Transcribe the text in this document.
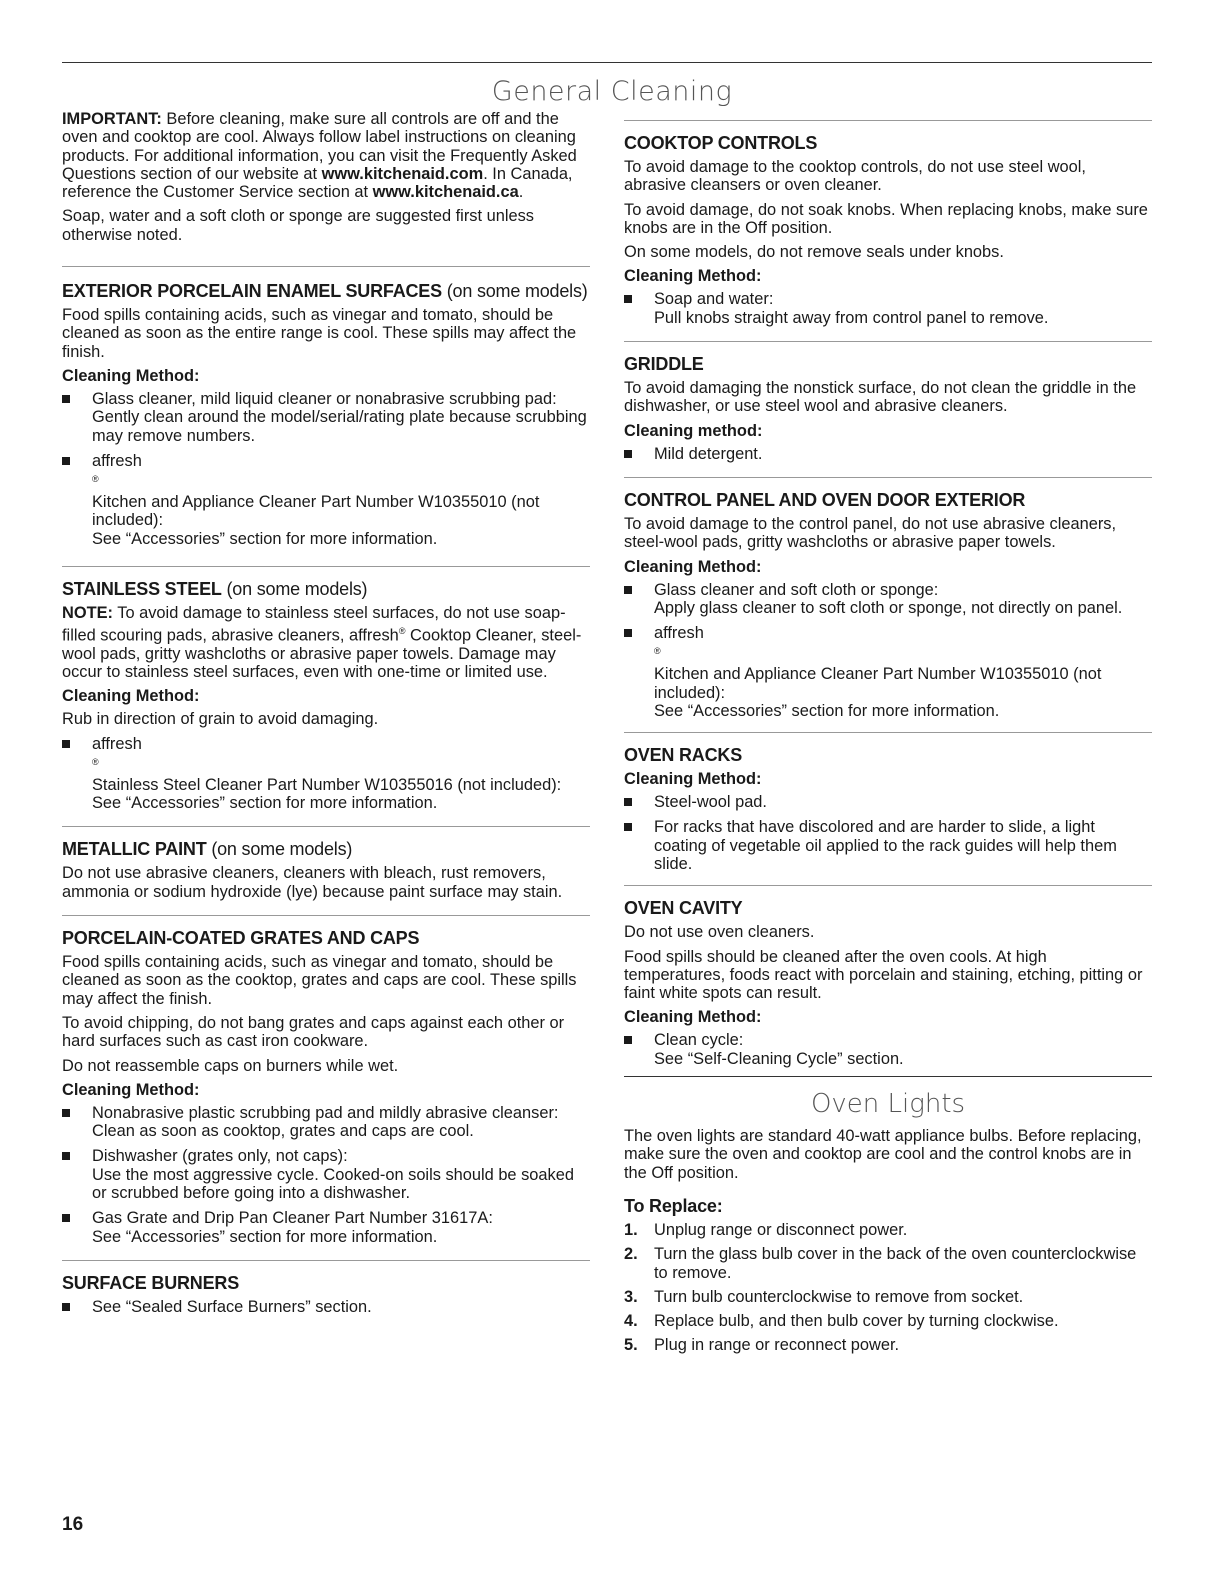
General Cleaning

IMPORTANT: Before cleaning, make sure all controls are off and the oven and cooktop are cool. Always follow label instructions on cleaning products. For additional information, you can visit the Frequently Asked Questions section of our website at www.kitchenaid.com. In Canada, reference the Customer Service section at www.kitchenaid.ca.

Soap, water and a soft cloth or sponge are suggested first unless otherwise noted.

EXTERIOR PORCELAIN ENAMEL SURFACES (on some models)

Food spills containing acids, such as vinegar and tomato, should be cleaned as soon as the entire range is cool. These spills may affect the finish.

Cleaning Method:
Glass cleaner, mild liquid cleaner or nonabrasive scrubbing pad:
Gently clean around the model/serial/rating plate because scrubbing may remove numbers.
affresh
®
Kitchen and Appliance Cleaner Part Number W10355010 (not included):
See “Accessories” section for more information.
STAINLESS STEEL (on some models)

NOTE: To avoid damage to stainless steel surfaces, do not use soap-filled scouring pads, abrasive cleaners, affresh® Cooktop Cleaner, steel-wool pads, gritty washcloths or abrasive paper towels. Damage may occur to stainless steel surfaces, even with one-time or limited use.

Cleaning Method:

Rub in direction of grain to avoid damaging.

affresh
®
Stainless Steel Cleaner Part Number W10355016 (not included):
See “Accessories” section for more information.
METALLIC PAINT (on some models)

Do not use abrasive cleaners, cleaners with bleach, rust removers, ammonia or sodium hydroxide (lye) because paint surface may stain.

PORCELAIN-COATED GRATES AND CAPS

Food spills containing acids, such as vinegar and tomato, should be cleaned as soon as the cooktop, grates and caps are cool. These spills may affect the finish.

To avoid chipping, do not bang grates and caps against each other or hard surfaces such as cast iron cookware.

Do not reassemble caps on burners while wet.

Cleaning Method:
Nonabrasive plastic scrubbing pad and mildly abrasive cleanser:
Clean as soon as cooktop, grates and caps are cool.
Dishwasher (grates only, not caps):
Use the most aggressive cycle. Cooked-on soils should be soaked or scrubbed before going into a dishwasher.
Gas Grate and Drip Pan Cleaner Part Number 31617A:
See “Accessories” section for more information.
SURFACE BURNERS
See “Sealed Surface Burners” section.
COOKTOP CONTROLS

To avoid damage to the cooktop controls, do not use steel wool, abrasive cleansers or oven cleaner.

To avoid damage, do not soak knobs. When replacing knobs, make sure knobs are in the Off position.

On some models, do not remove seals under knobs.

Cleaning Method:
Soap and water:
Pull knobs straight away from control panel to remove.
GRIDDLE

To avoid damaging the nonstick surface, do not clean the griddle in the dishwasher, or use steel wool and abrasive cleaners.

Cleaning method:
Mild detergent.
CONTROL PANEL AND OVEN DOOR EXTERIOR

To avoid damage to the control panel, do not use abrasive cleaners, steel-wool pads, gritty washcloths or abrasive paper towels.

Cleaning Method:
Glass cleaner and soft cloth or sponge:
Apply glass cleaner to soft cloth or sponge, not directly on panel.
affresh
®
Kitchen and Appliance Cleaner Part Number W10355010 (not included):
See “Accessories” section for more information.
OVEN RACKS
Cleaning Method:
Steel-wool pad.
For racks that have discolored and are harder to slide, a light coating of vegetable oil applied to the rack guides will help them slide.
OVEN CAVITY

Do not use oven cleaners.

Food spills should be cleaned after the oven cools. At high temperatures, foods react with porcelain and staining, etching, pitting or faint white spots can result.

Cleaning Method:
Clean cycle:
See “Self-Cleaning Cycle” section.
Oven Lights

The oven lights are standard 40-watt appliance bulbs. Before replacing, make sure the oven and cooktop are cool and the control knobs are in the Off position.

To Replace:
1. Unplug range or disconnect power.
2. Turn the glass bulb cover in the back of the oven counterclockwise to remove.
3. Turn bulb counterclockwise to remove from socket.
4. Replace bulb, and then bulb cover by turning clockwise.
5. Plug in range or reconnect power.
16
